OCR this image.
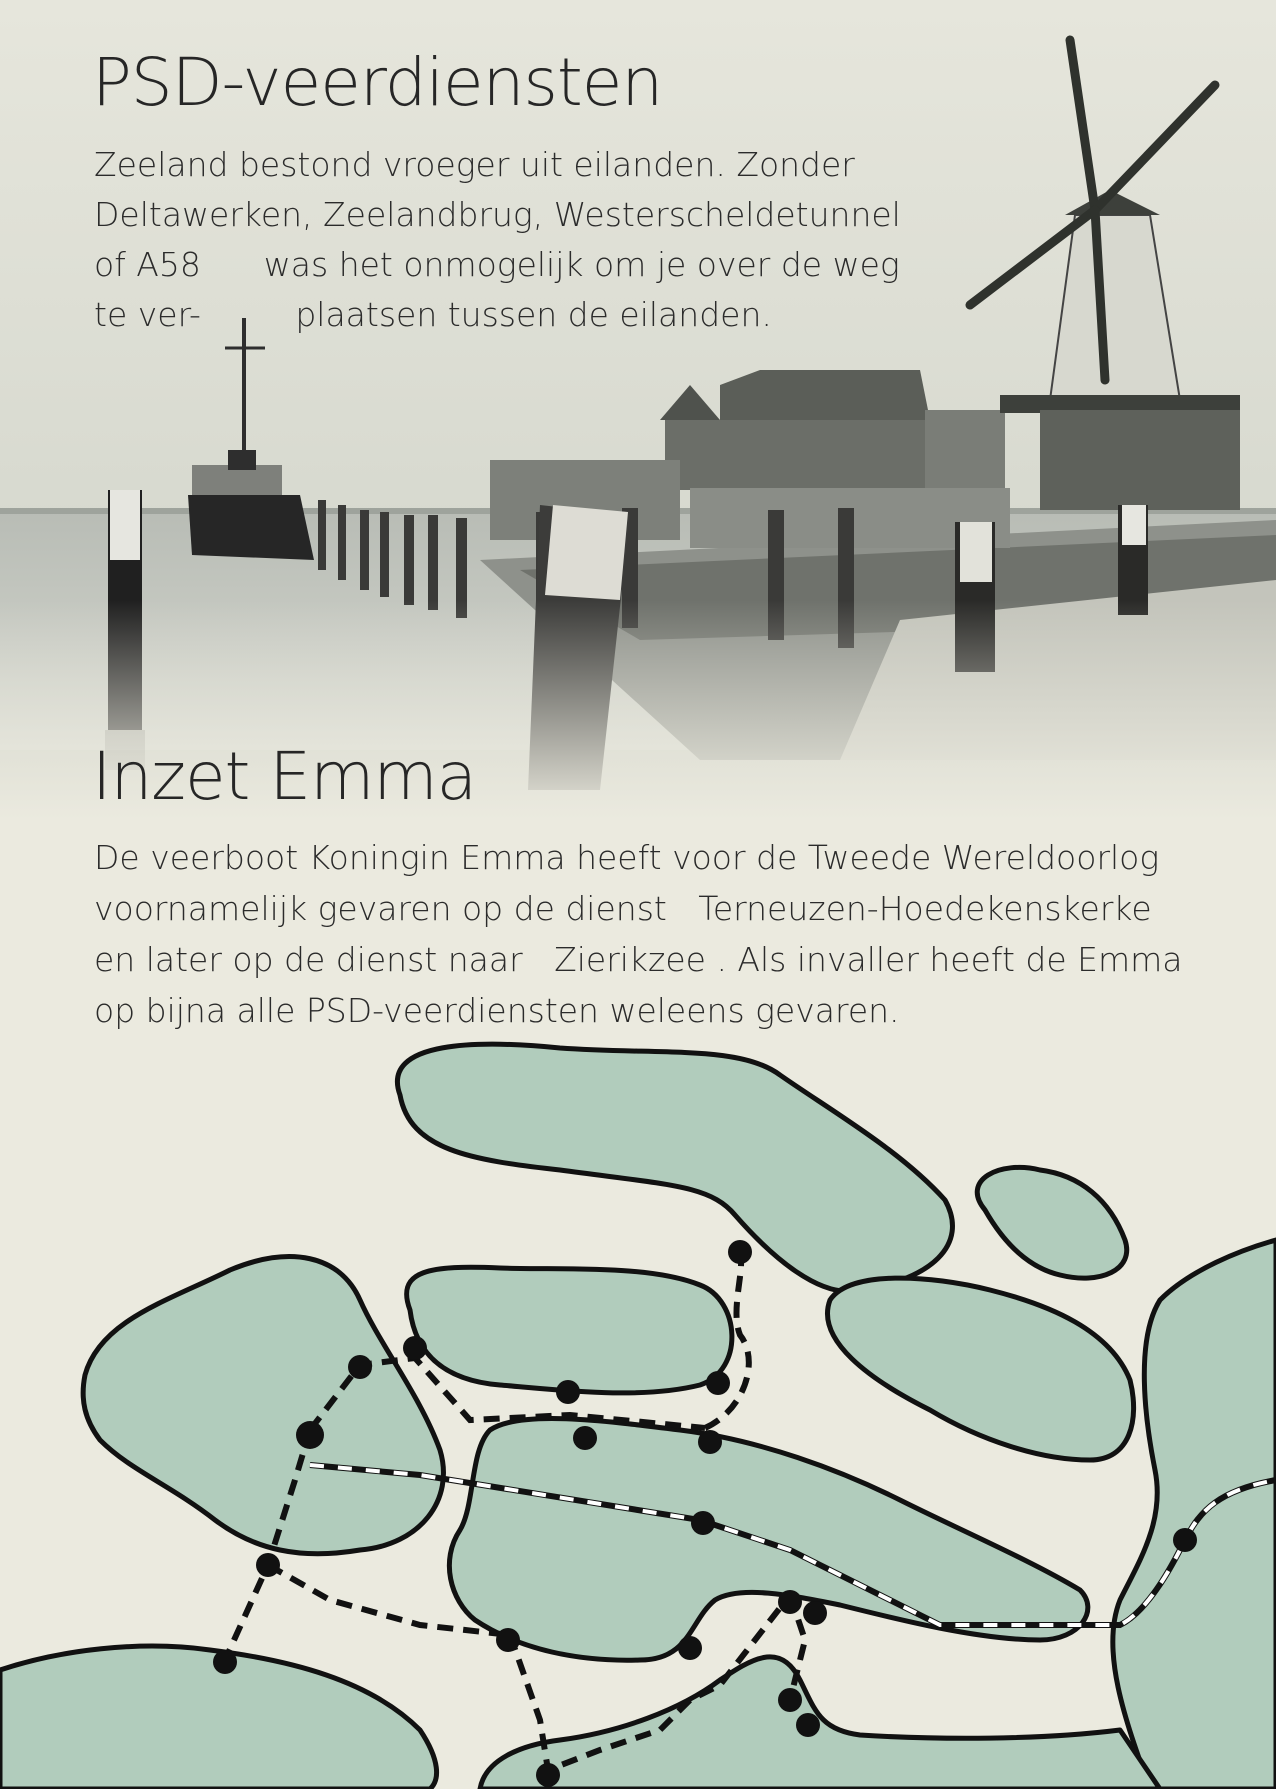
PSD-veerdiensten

Zeeland bestond vroeger uit eilanden. Zonder
Deltawerken, Zeelandbrug, Westerscheldetunnel
of A58      was het onmogelijk om je over de weg
te ver-         plaatsen tussen de eilanden.

Inzet Emma

De veerboot Koningin Emma heeft voor de Tweede Wereldoorlog
voornamelijk gevaren op de dienst   Terneuzen-Hoedekenskerke
en later op de dienst naar   Zierikzee . Als invaller heeft de Emma
op bijna alle PSD-veerdiensten weleens gevaren.
